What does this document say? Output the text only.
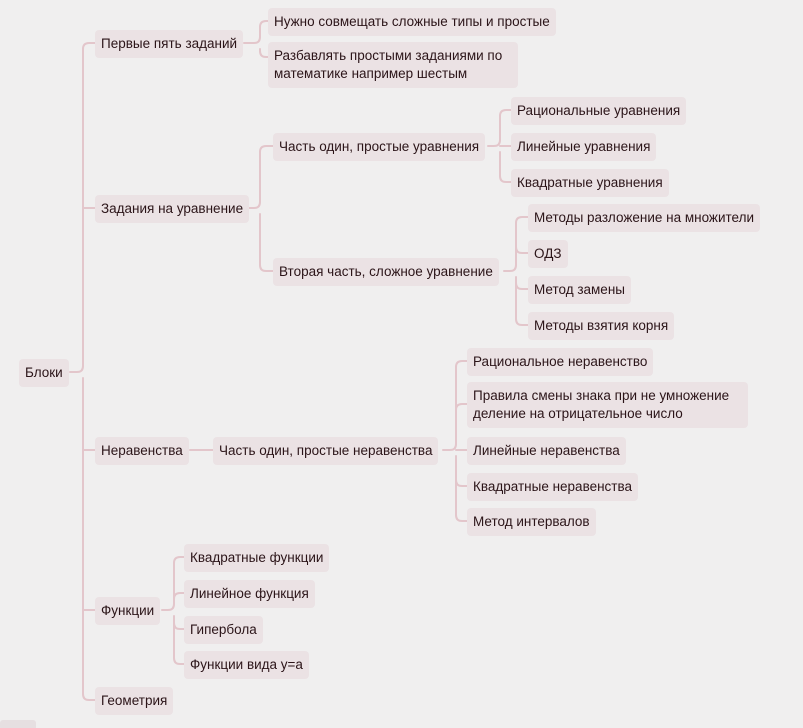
Блоки
Первые пять заданий
Задания на уравнение
Неравенства
Функции
Геометрия
Нужно совмещать сложные типы и простые
Разбавлять простыми заданиями по математике например шестым
Часть один, простые уравнения
Вторая часть, сложное уравнение
Рациональные уравнения
Линейные уравнения
Квадратные уравнения
Методы разложение на множители
ОДЗ
Метод замены
Методы взятия корня
Часть один, простые неравенства
Рациональное неравенство
Правила смены знака при не умножение деление на отрицательное число
Линейные неравенства
Квадратные неравенства
Метод интервалов
Квадратные функции
Линейное функция
Гипербола
Функции вида y=a
